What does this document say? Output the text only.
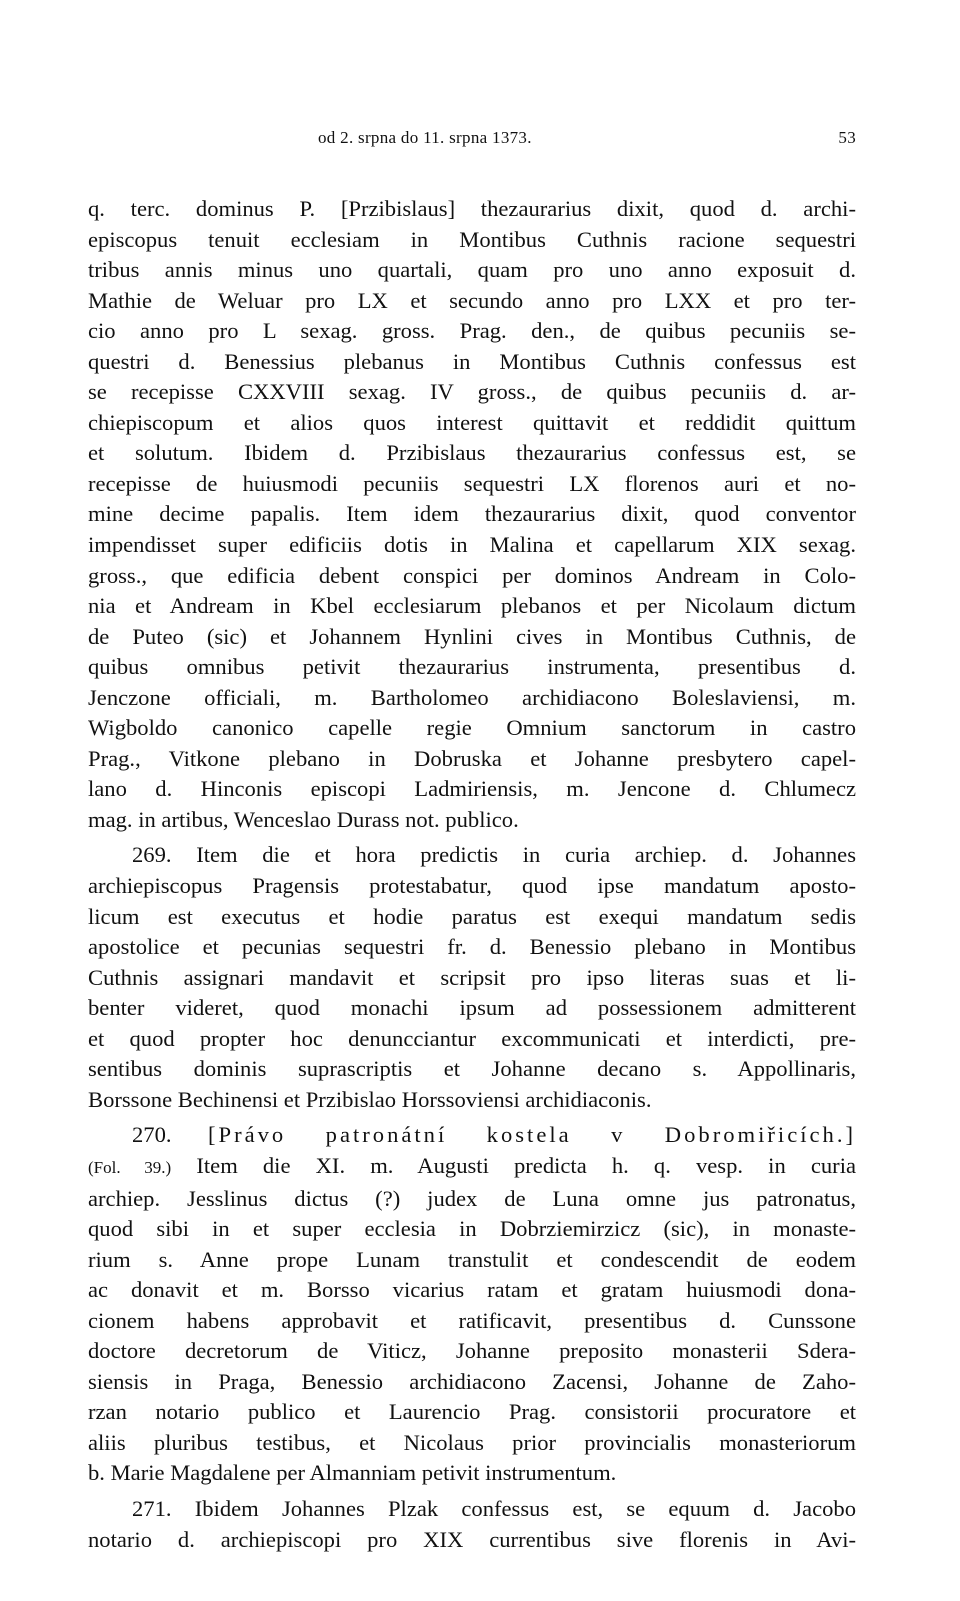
od 2. srpna do 11. srpna 1373.	53
q. terc. dominus P. [Przibislaus] thezaurarius dixit, quod d. archi-
episcopus tenuit ecclesiam in Montibus Cuthnis racione sequestri
tribus annis minus uno quartali, quam pro uno anno exposuit d.
Mathie de Weluar pro LX et secundo anno pro LXX et pro ter-
cio anno pro L sexag. gross. Prag. den., de quibus pecuniis se-
questri d. Benessius plebanus in Montibus Cuthnis confessus est
se recepisse CXXVIII sexag. IV gross., de quibus pecuniis d. ar-
chiepiscopum et alios quos interest quittavit et reddidit quittum
et solutum. Ibidem d. Przibislaus thezaurarius confessus est, se
recepisse de huiusmodi pecuniis sequestri LX florenos auri et no-
mine decime papalis. Item idem thezaurarius dixit, quod conventor
impendisset super edificiis dotis in Malina et capellarum XIX sexag.
gross., que edificia debent conspici per dominos Andream in Colo-
nia et Andream in Kbel ecclesiarum plebanos et per Nicolaum dictum
de Puteo (sic) et Johannem Hynlini cives in Montibus Cuthnis, de
quibus omnibus petivit thezaurarius instrumenta, presentibus d.
Jenczone officiali, m. Bartholomeo archidiacono Boleslaviensi, m.
Wigboldo canonico capelle regie Omnium sanctorum in castro
Prag., Vitkone plebano in Dobruska et Johanne presbytero capel-
lano d. Hinconis episcopi Ladmiriensis, m. Jencone d. Chlumecz
mag. in artibus, Wenceslao Durass not. publico.
269. Item die et hora predictis in curia archiep. d. Johannes
archiepiscopus Pragensis protestabatur, quod ipse mandatum aposto-
licum est executus et hodie paratus est exequi mandatum sedis
apostolice et pecunias sequestri fr. d. Benessio plebano in Montibus
Cuthnis assignari mandavit et scripsit pro ipso literas suas et li-
benter videret, quod monachi ipsum ad possessionem admitterent
et quod propter hoc denuncciantur excommunicati et interdicti, pre-
sentibus dominis suprascriptis et Johanne decano s. Appollinaris,
Borssone Bechinensi et Przibislao Horssoviensi archidiaconis.
270. [Právo patronátní kostela v Dobromiřicích.]
(Fol. 39.) Item die XI. m. Augusti predicta h. q. vesp. in curia
archiep. Jesslinus dictus (?) judex de Luna omne jus patronatus,
quod sibi in et super ecclesia in Dobrziemirzicz (sic), in monaste-
rium s. Anne prope Lunam transtulit et condescendit de eodem
ac donavit et m. Borsso vicarius ratam et gratam huiusmodi dona-
cionem habens approbavit et ratificavit, presentibus d. Cunssone
doctore decretorum de Viticz, Johanne preposito monasterii Sdera-
siensis in Praga, Benessio archidiacono Zacensi, Johanne de Zaho-
rzan notario publico et Laurencio Prag. consistorii procuratore et
aliis pluribus testibus, et Nicolaus prior provincialis monasteriorum
b. Marie Magdalene per Almanniam petivit instrumentum.
271. Ibidem Johannes Plzak confessus est, se equum d. Jacobo
notario d. archiepiscopi pro XIX currentibus sive florenis in Avi-
